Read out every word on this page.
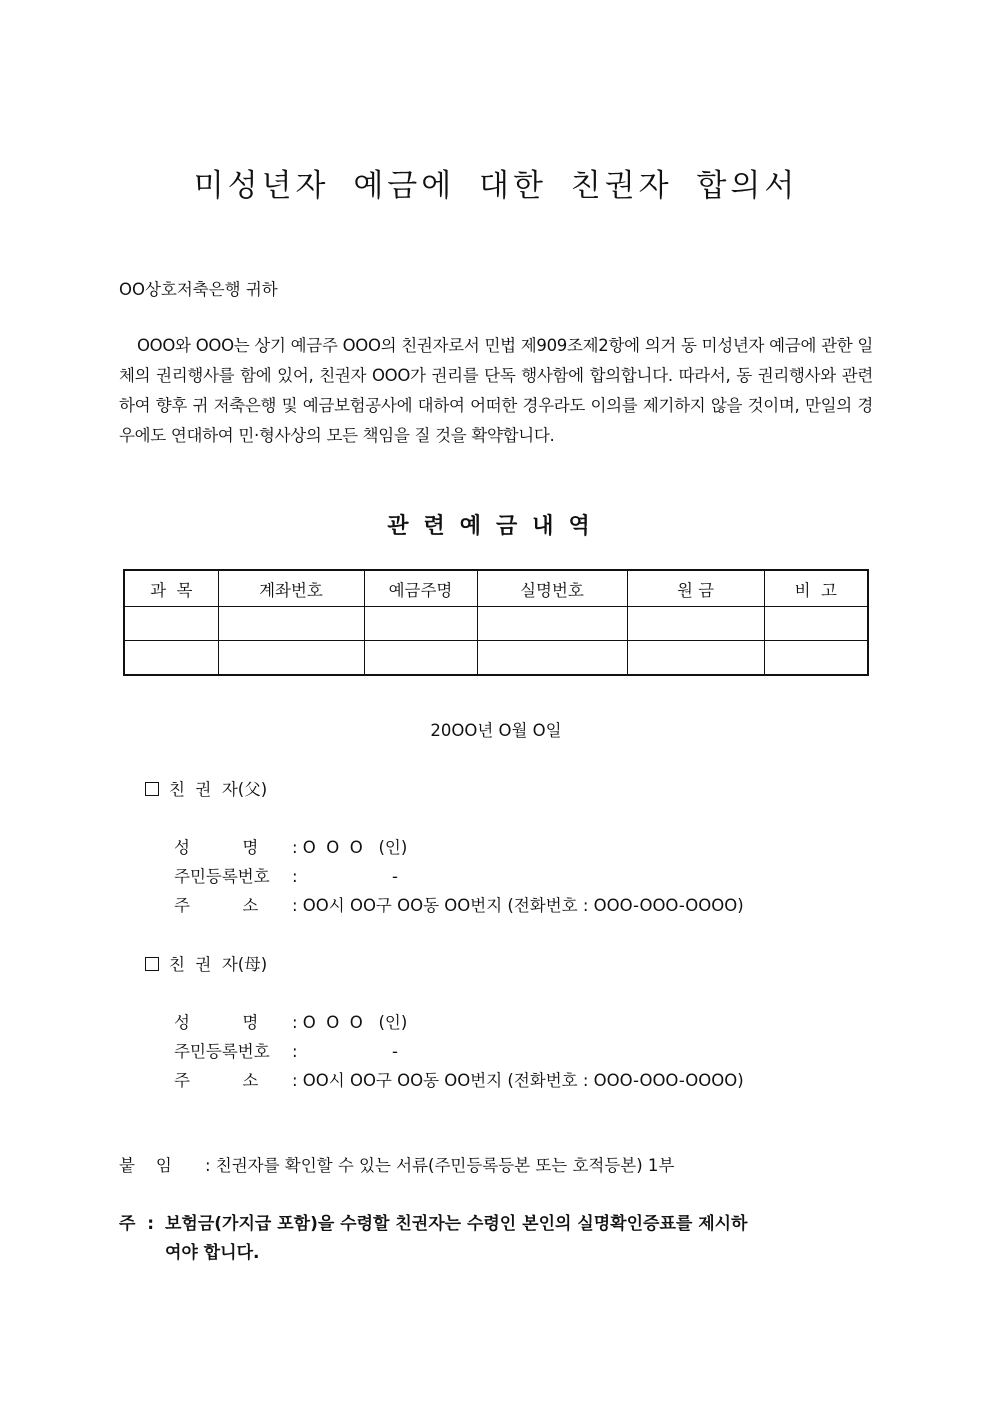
미성년자 예금에 대한 친권자 합의서
OO상호저축은행 귀하
OOO와 OOO는 상기 예금주 OOO의 친권자로서 민법 제909조제2항에 의거 동 미성년자 예금에 관한 일체의 권리행사를 함에 있어, 친권자 OOO가 권리를 단독 행사함에 합의합니다. 따라서, 동 권리행사와 관련하여 향후 귀 저축은행 및 예금보험공사에 대하여 어떠한 경우라도 이의를 제기하지 않을 것이며, 만일의 경우에도 연대하여 민·형사상의 모든 책임을 질 것을 확약합니다.
관련예금내역
과  목	계좌번호	예금주명	실명번호	원 금	비  고

20OO년 O월 O일
친  권  자(父)
성          명 : O  O  O   (인)
주민등록번호 :                  -
주          소 : OO시 OO구 OO동 OO번지 (전화번호 : OOO-OOO-OOOO)
친  권  자(母)
성          명 : O  O  O   (인)
주민등록번호 :                  -
주          소 : OO시 OO구 OO동 OO번지 (전화번호 : OOO-OOO-OOOO)
붙    임 : 친권자를 확인할 수 있는 서류(주민등록등본 또는 호적등본) 1부
주  : 보험금(가지급 포함)을 수령할 친권자는 수령인 본인의 실명확인증표를 제시하
여야 합니다.
